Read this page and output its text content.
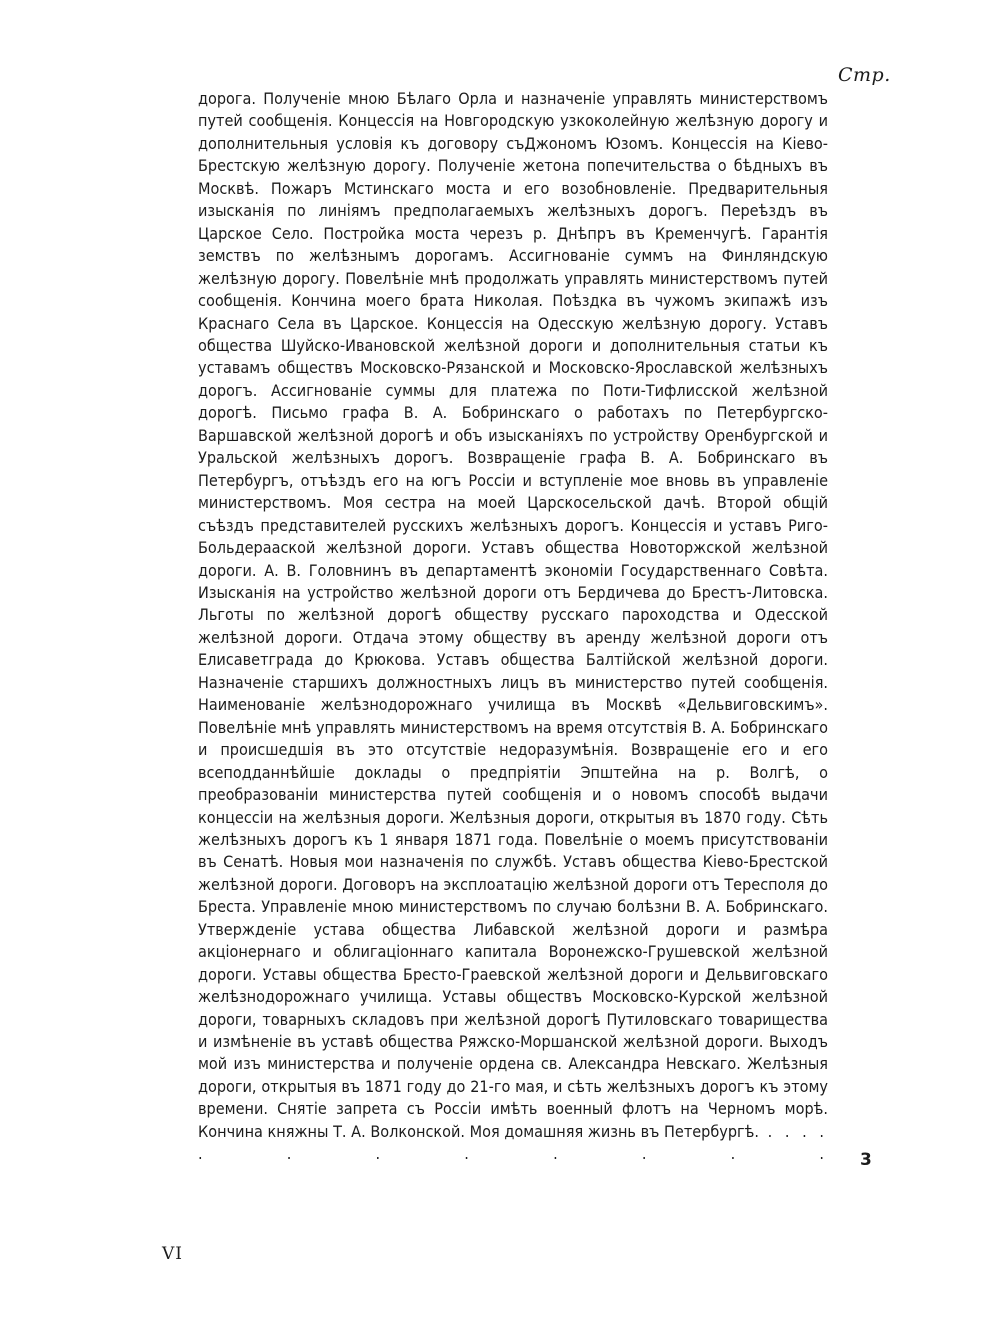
Стр.

дорога. Полученіе мною Бѣлаго Орла и назначеніе управлять министерствомъ путей сообщенія. Концессія на Новгородскую узкоколейную желѣзную дорогу и дополнительныя условія къ договору съДжономъ Юзомъ. Концессія на Кіево-Брестскую желѣзную дорогу. Полученіе жетона попечительства о бѣдныхъ въ Москвѣ. Пожаръ Мстинскаго моста и его возобновленіе. Предварительныя изысканія по линіямъ предполагаемыхъ желѣзныхъ дорогъ. Переѣздъ въ Царское Село. Постройка моста черезъ р. Днѣпръ въ Кременчугѣ. Гарантія земствъ по желѣзнымъ дорогамъ. Ассигнованіе суммъ на Финляндскую желѣзную дорогу. Повелѣніе мнѣ продолжать управлять министерствомъ путей сообщенія. Кончина моего брата Николая. Поѣздка въ чужомъ экипажѣ изъ Краснаго Села въ Царское. Концессія на Одесскую желѣзную дорогу. Уставъ общества Шуйско-Ивановской желѣзной дороги и дополнительныя статьи къ уставамъ обществъ Московско-Рязанской и Московско-Ярославской желѣзныхъ дорогъ. Ассигнованіе суммы для платежа по Поти-Тифлисской желѣзной дорогѣ. Письмо графа В. А. Бобринскаго о работахъ по Петербургско-Варшавской желѣзной дорогѣ и объ изысканіяхъ по устройству Оренбургской и Уральской желѣзныхъ дорогъ. Возвращеніе графа В. А. Бобринскаго въ Петербургъ, отъѣздъ его на югъ Россіи и вступленіе мое вновь въ управленіе министерствомъ. Моя сестра на моей Царскосельской дачѣ. Второй общій съѣздъ представителей русскихъ желѣзныхъ дорогъ. Концессія и уставъ Риго-Больдерааской желѣзной дороги. Уставъ общества Новоторжской желѣзной дороги. А. В. Головнинъ въ департаментѣ экономіи Государственнаго Совѣта. Изысканія на устройство желѣзной дороги отъ Бердичева до Брестъ-Литовска. Льготы по желѣзной дорогѣ обществу русскаго пароходства и Одесской желѣзной дороги. Отдача этому обществу въ аренду желѣзной дороги отъ Елисаветграда до Крюкова. Уставъ общества Балтійской желѣзной дороги. Назначеніе старшихъ должностныхъ лицъ въ министерство путей сообщенія. Наименованіе желѣзнодорожнаго училища въ Москвѣ «Дельвиговскимъ». Повелѣніе мнѣ управлять министерствомъ на время отсутствія В. А. Бобринскаго и происшедшія въ это отсутствіе недоразумѣнія. Возвращеніе его и его всеподданнѣйшіе доклады о предпріятіи Эпштейна на р. Волгѣ, о преобразованіи министерства путей сообщенія и о новомъ способѣ выдачи концессіи на желѣзныя дороги. Желѣзныя дороги, открытыя въ 1870 году. Сѣть желѣзныхъ дорогъ къ 1 января 1871 года. Повелѣніе о моемъ присутствованіи въ Сенатѣ. Новыя мои назначенія по службѣ. Уставъ общества Кіево-Брестской желѣзной дороги. Договоръ на эксплоатацію желѣзной дороги отъ Тересполя до Бреста. Управленіе мною министерствомъ по случаю болѣзни В. А. Бобринскаго. Утвержденіе устава общества Либавской желѣзной дороги и размѣра акціонернаго и облигаціоннаго капитала Воронежско-Грушевской желѣзной дороги. Уставы общества Бресто-Граевской желѣзной дороги и Дельвиговскаго желѣзнодорожнаго училища. Уставы обществъ Московско-Курской желѣзной дороги, товарныхъ складовъ при желѣзной дорогѣ Путиловскаго товарищества и измѣненіе въ уставѣ общества Ряжско-Моршанской желѣзной дороги. Выходъ мой изъ министерства и полученіе ордена св. Александра Невскаго. Желѣзныя дороги, открытыя въ 1871 году до 21-го мая, и сѣть желѣзныхъ дорогъ къ этому времени. Снятіе запрета съ Россіи имѣть военный флотъ на Черномъ морѣ. Кончина княжны Т. А. Волконской. Моя домашняя жизнь въ Петербургѣ. . . . . . . . . . . . . 3
VI
